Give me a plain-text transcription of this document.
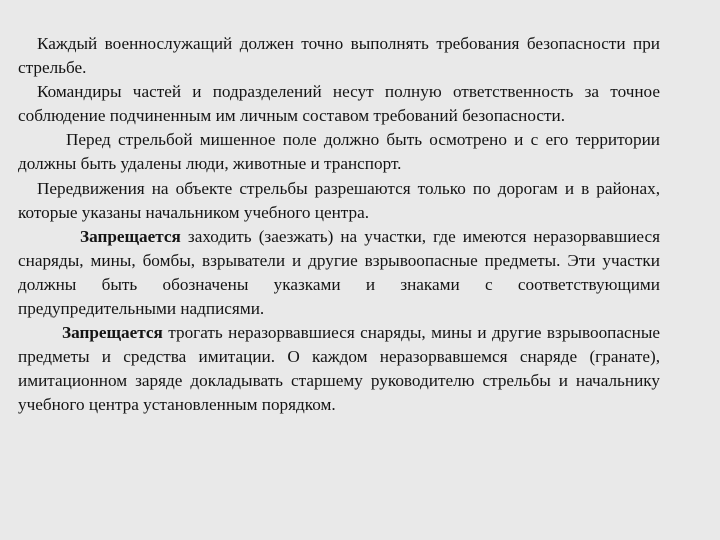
Каждый военнослужащий должен точно выполнять требования безопасности при стрельбе.

Командиры частей и подразделений несут полную ответственность за точное соблюдение подчиненным им личным составом требований безопасности.

Перед стрельбой мишенное поле должно быть осмотрено и с его территории должны быть удалены люди, животные и транспорт.

Передвижения на объекте стрельбы разрешаются только по дорогам и в районах, которые указаны начальником учебного центра.

Запрещается заходить (заезжать) на участки, где имеются неразорвавшиеся снаряды, мины, бомбы, взрыватели и другие взрывоопасные предметы. Эти участки должны быть обозначены указками и знаками с соответствующими предупредительными надписями.

Запрещается трогать неразорвавшиеся снаряды, мины и другие взрывоопасные предметы и средства имитации. О каждом неразорвавшемся снаряде (гранате), имитационном заряде докладывать старшему руководителю стрельбы и начальнику учебного центра установленным порядком.
